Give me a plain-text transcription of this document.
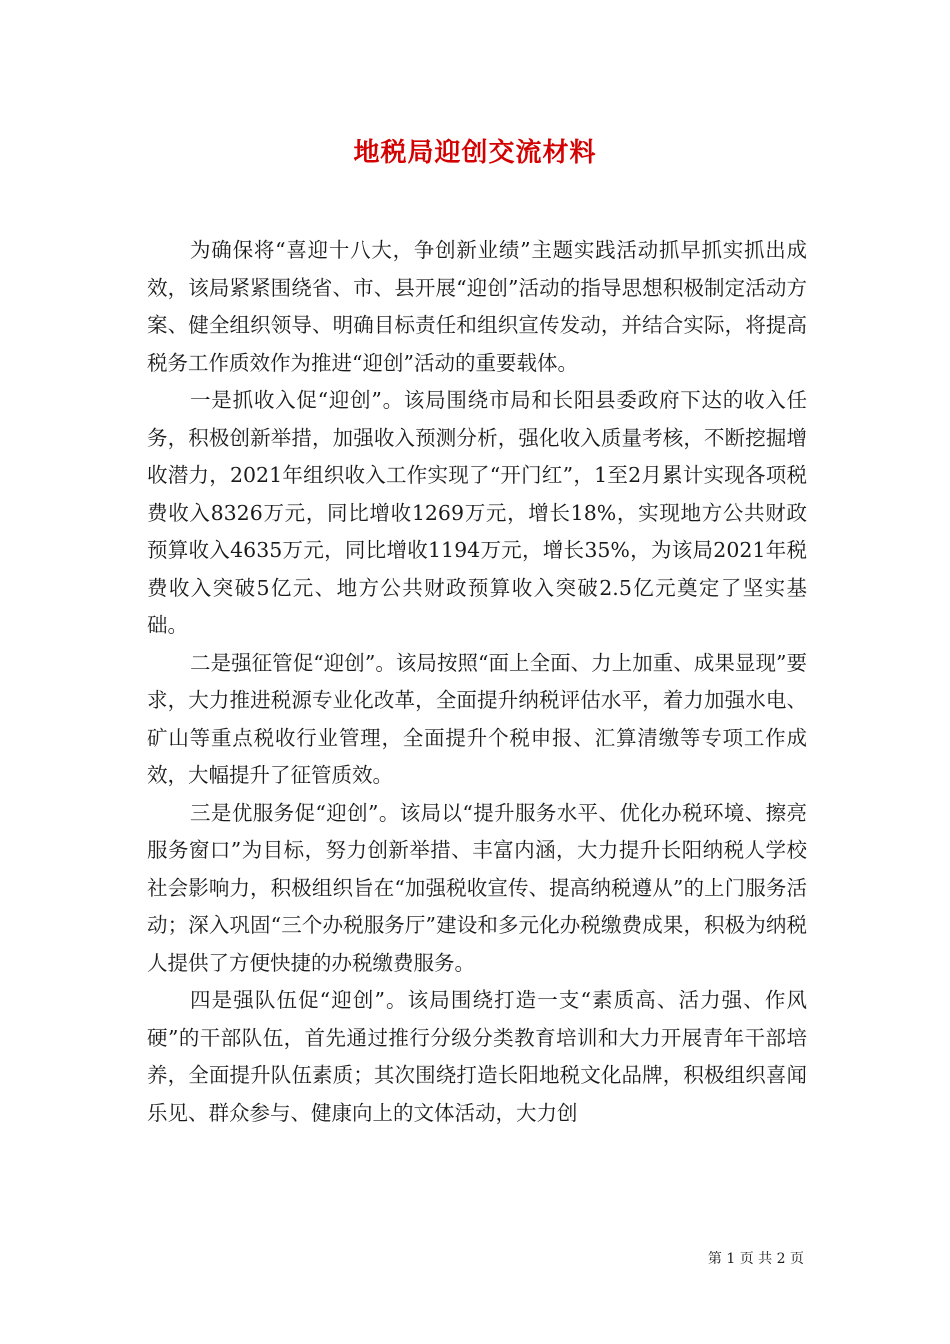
地税局迎创交流材料

为确保将“喜迎十八大，争创新业绩”主题实践活动抓早抓实抓出成效，该局紧紧围绕省、市、县开展“迎创”活动的指导思想积极制定活动方案、健全组织领导、明确目标责任和组织宣传发动，并结合实际，将提高税务工作质效作为推进“迎创”活动的重要载体。

一是抓收入促“迎创”。该局围绕市局和长阳县委政府下达的收入任务，积极创新举措，加强收入预测分析，强化收入质量考核，不断挖掘增收潜力，2021年组织收入工作实现了“开门红”，1至2月累计实现各项税费收入8326万元，同比增收1269万元，增长18%，实现地方公共财政预算收入4635万元，同比增收1194万元，增长35%，为该局2021年税费收入突破5亿元、地方公共财政预算收入突破2.5亿元奠定了坚实基础。

二是强征管促“迎创”。该局按照“面上全面、力上加重、成果显现”要求，大力推进税源专业化改革，全面提升纳税评估水平，着力加强水电、矿山等重点税收行业管理，全面提升个税申报、汇算清缴等专项工作成效，大幅提升了征管质效。

三是优服务促“迎创”。该局以“提升服务水平、优化办税环境、擦亮服务窗口”为目标，努力创新举措、丰富内涵，大力提升长阳纳税人学校社会影响力，积极组织旨在“加强税收宣传、提高纳税遵从”的上门服务活动；深入巩固“三个办税服务厅”建设和多元化办税缴费成果，积极为纳税人提供了方便快捷的办税缴费服务。

四是强队伍促“迎创”。该局围绕打造一支“素质高、活力强、作风硬”的干部队伍，首先通过推行分级分类教育培训和大力开展青年干部培养，全面提升队伍素质；其次围绕打造长阳地税文化品牌，积极组织喜闻乐见、群众参与、健康向上的文体活动，大力创

第 1 页 共 2 页
